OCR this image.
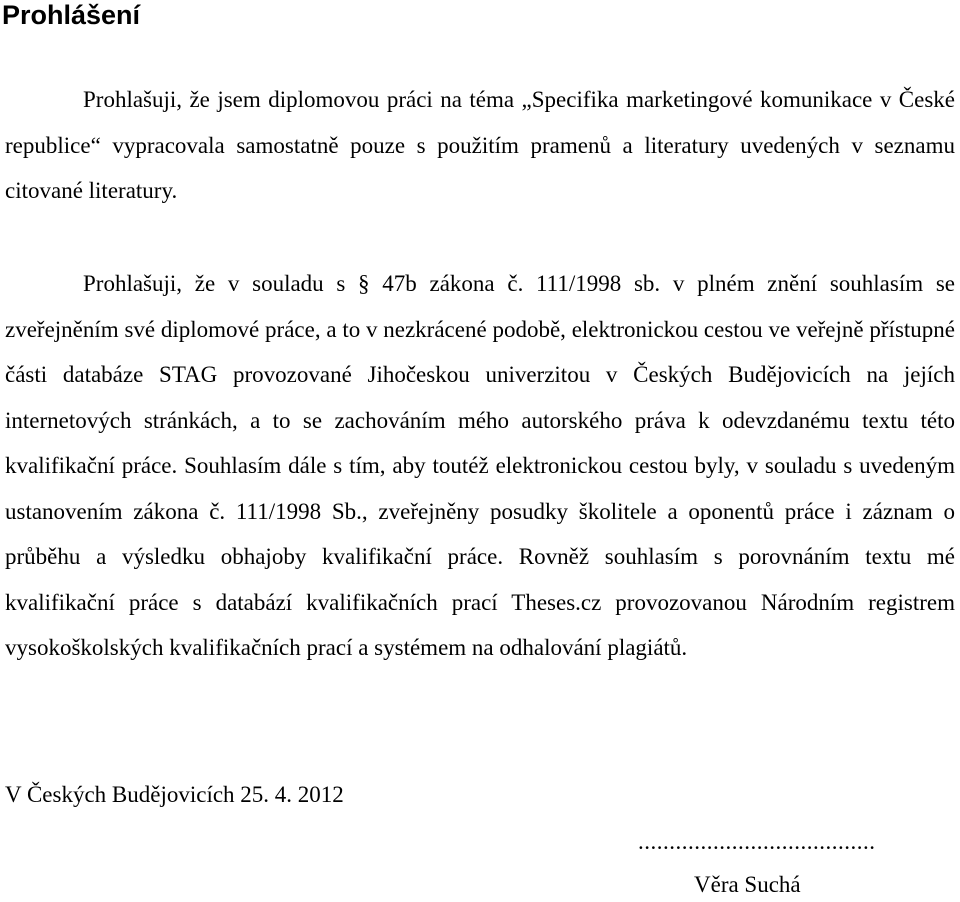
Prohlášení

Prohlašuji, že jsem diplomovou práci na téma „Specifika marketingové komunikace v České republice“ vypracovala samostatně pouze s použitím pramenů a literatury uvedených v seznamu citované literatury.

Prohlašuji, že v souladu s § 47b zákona č. 111/1998 sb. v plném znění souhlasím se zveřejněním své diplomové práce, a to v nezkrácené podobě, elektronickou cestou ve veřejně přístupné části databáze STAG provozované Jihočeskou univerzitou v Českých Budějovicích na jejích internetových stránkách, a to se zachováním mého autorského práva k odevzdanému textu této kvalifikační práce. Souhlasím dále s tím, aby toutéž elektronickou cestou byly, v souladu s uvedeným ustanovením zákona č. 111/1998 Sb., zveřejněny posudky školitele a oponentů práce i záznam o průběhu a výsledku obhajoby kvalifikační práce. Rovněž souhlasím s porovnáním textu mé kvalifikační práce s databází kvalifikačních prací Theses.cz provozovanou Národním registrem vysokoškolských kvalifikačních prací a systémem na odhalování plagiátů.

V Českých Budějovicích 25. 4. 2012

......................................

Věra Suchá
